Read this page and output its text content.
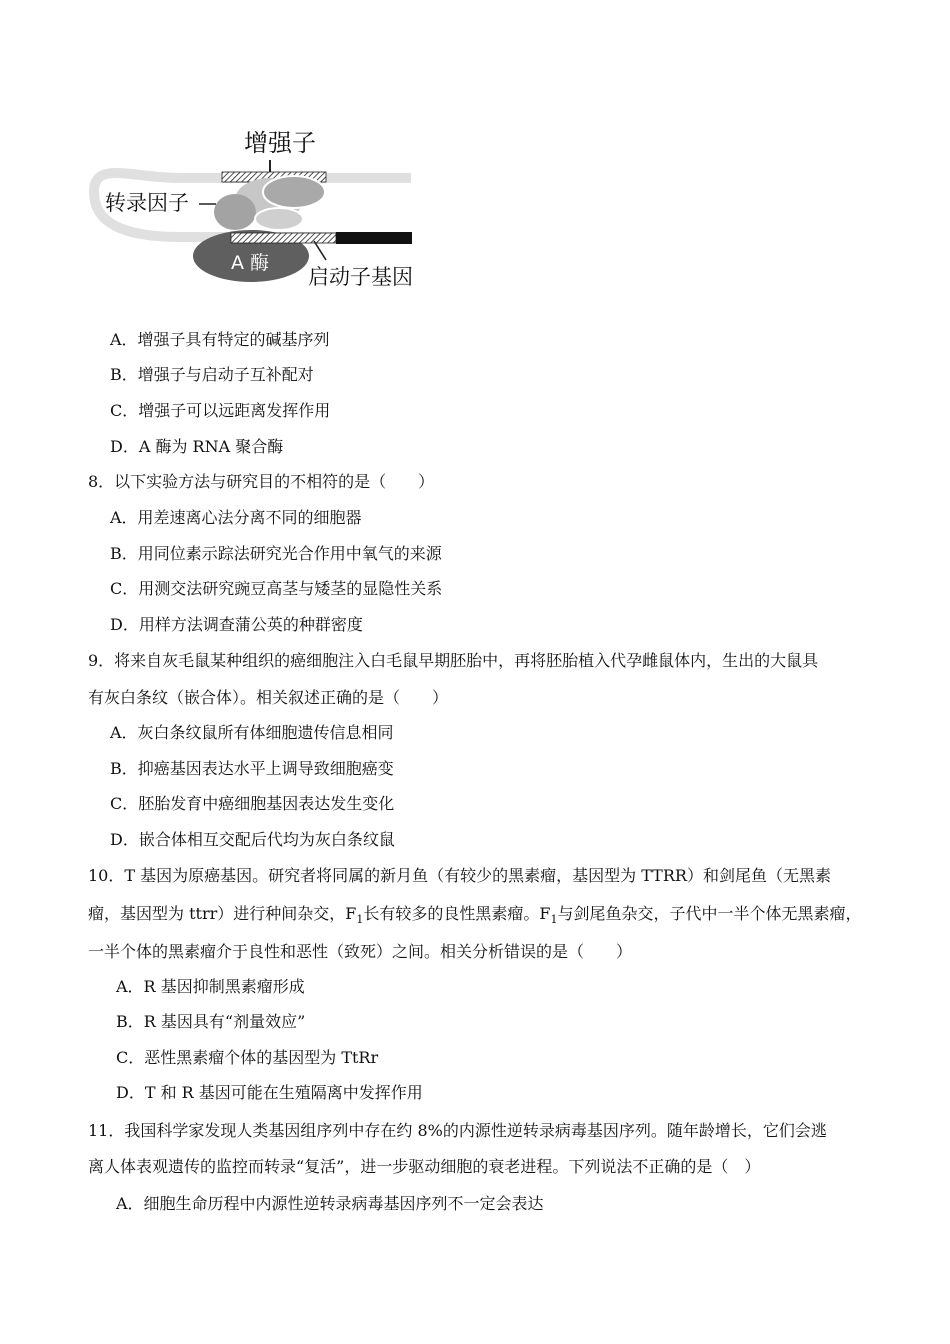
增强子
转录因子
A 酶
启动子基因
A．增强子具有特定的碱基序列
B．增强子与启动子互补配对
C．增强子可以远距离发挥作用
D．A 酶为 RNA 聚合酶
8．以下实验方法与研究目的不相符的是（　　）
A．用差速离心法分离不同的细胞器
B．用同位素示踪法研究光合作用中氧气的来源
C．用测交法研究豌豆高茎与矮茎的显隐性关系
D．用样方法调查蒲公英的种群密度
9．将来自灰毛鼠某种组织的癌细胞注入白毛鼠早期胚胎中，再将胚胎植入代孕雌鼠体内，生出的大鼠具
有灰白条纹（嵌合体）。相关叙述正确的是（　　）
A．灰白条纹鼠所有体细胞遗传信息相同
B．抑癌基因表达水平上调导致细胞癌变
C．胚胎发育中癌细胞基因表达发生变化
D．嵌合体相互交配后代均为灰白条纹鼠
10．T 基因为原癌基因。研究者将同属的新月鱼（有较少的黑素瘤，基因型为 TTRR）和剑尾鱼（无黑素
瘤，基因型为 ttrr）进行种间杂交，$F_1$长有较多的良性黑素瘤。$F_1$与剑尾鱼杂交，子代中一半个体无黑素瘤，
一半个体的黑素瘤介于良性和恶性（致死）之间。相关分析错误的是（　　）
A．R 基因抑制黑素瘤形成
B．R 基因具有“剂量效应”
C．恶性黑素瘤个体的基因型为 TtRr
D．T 和 R 基因可能在生殖隔离中发挥作用
11．我国科学家发现人类基因组序列中存在约 8%的内源性逆转录病毒基因序列。随年龄增长，它们会逃
离人体表观遗传的监控而转录“复活”，进一步驱动细胞的衰老进程。下列说法不正确的是（　）
A．细胞生命历程中内源性逆转录病毒基因序列不一定会表达
